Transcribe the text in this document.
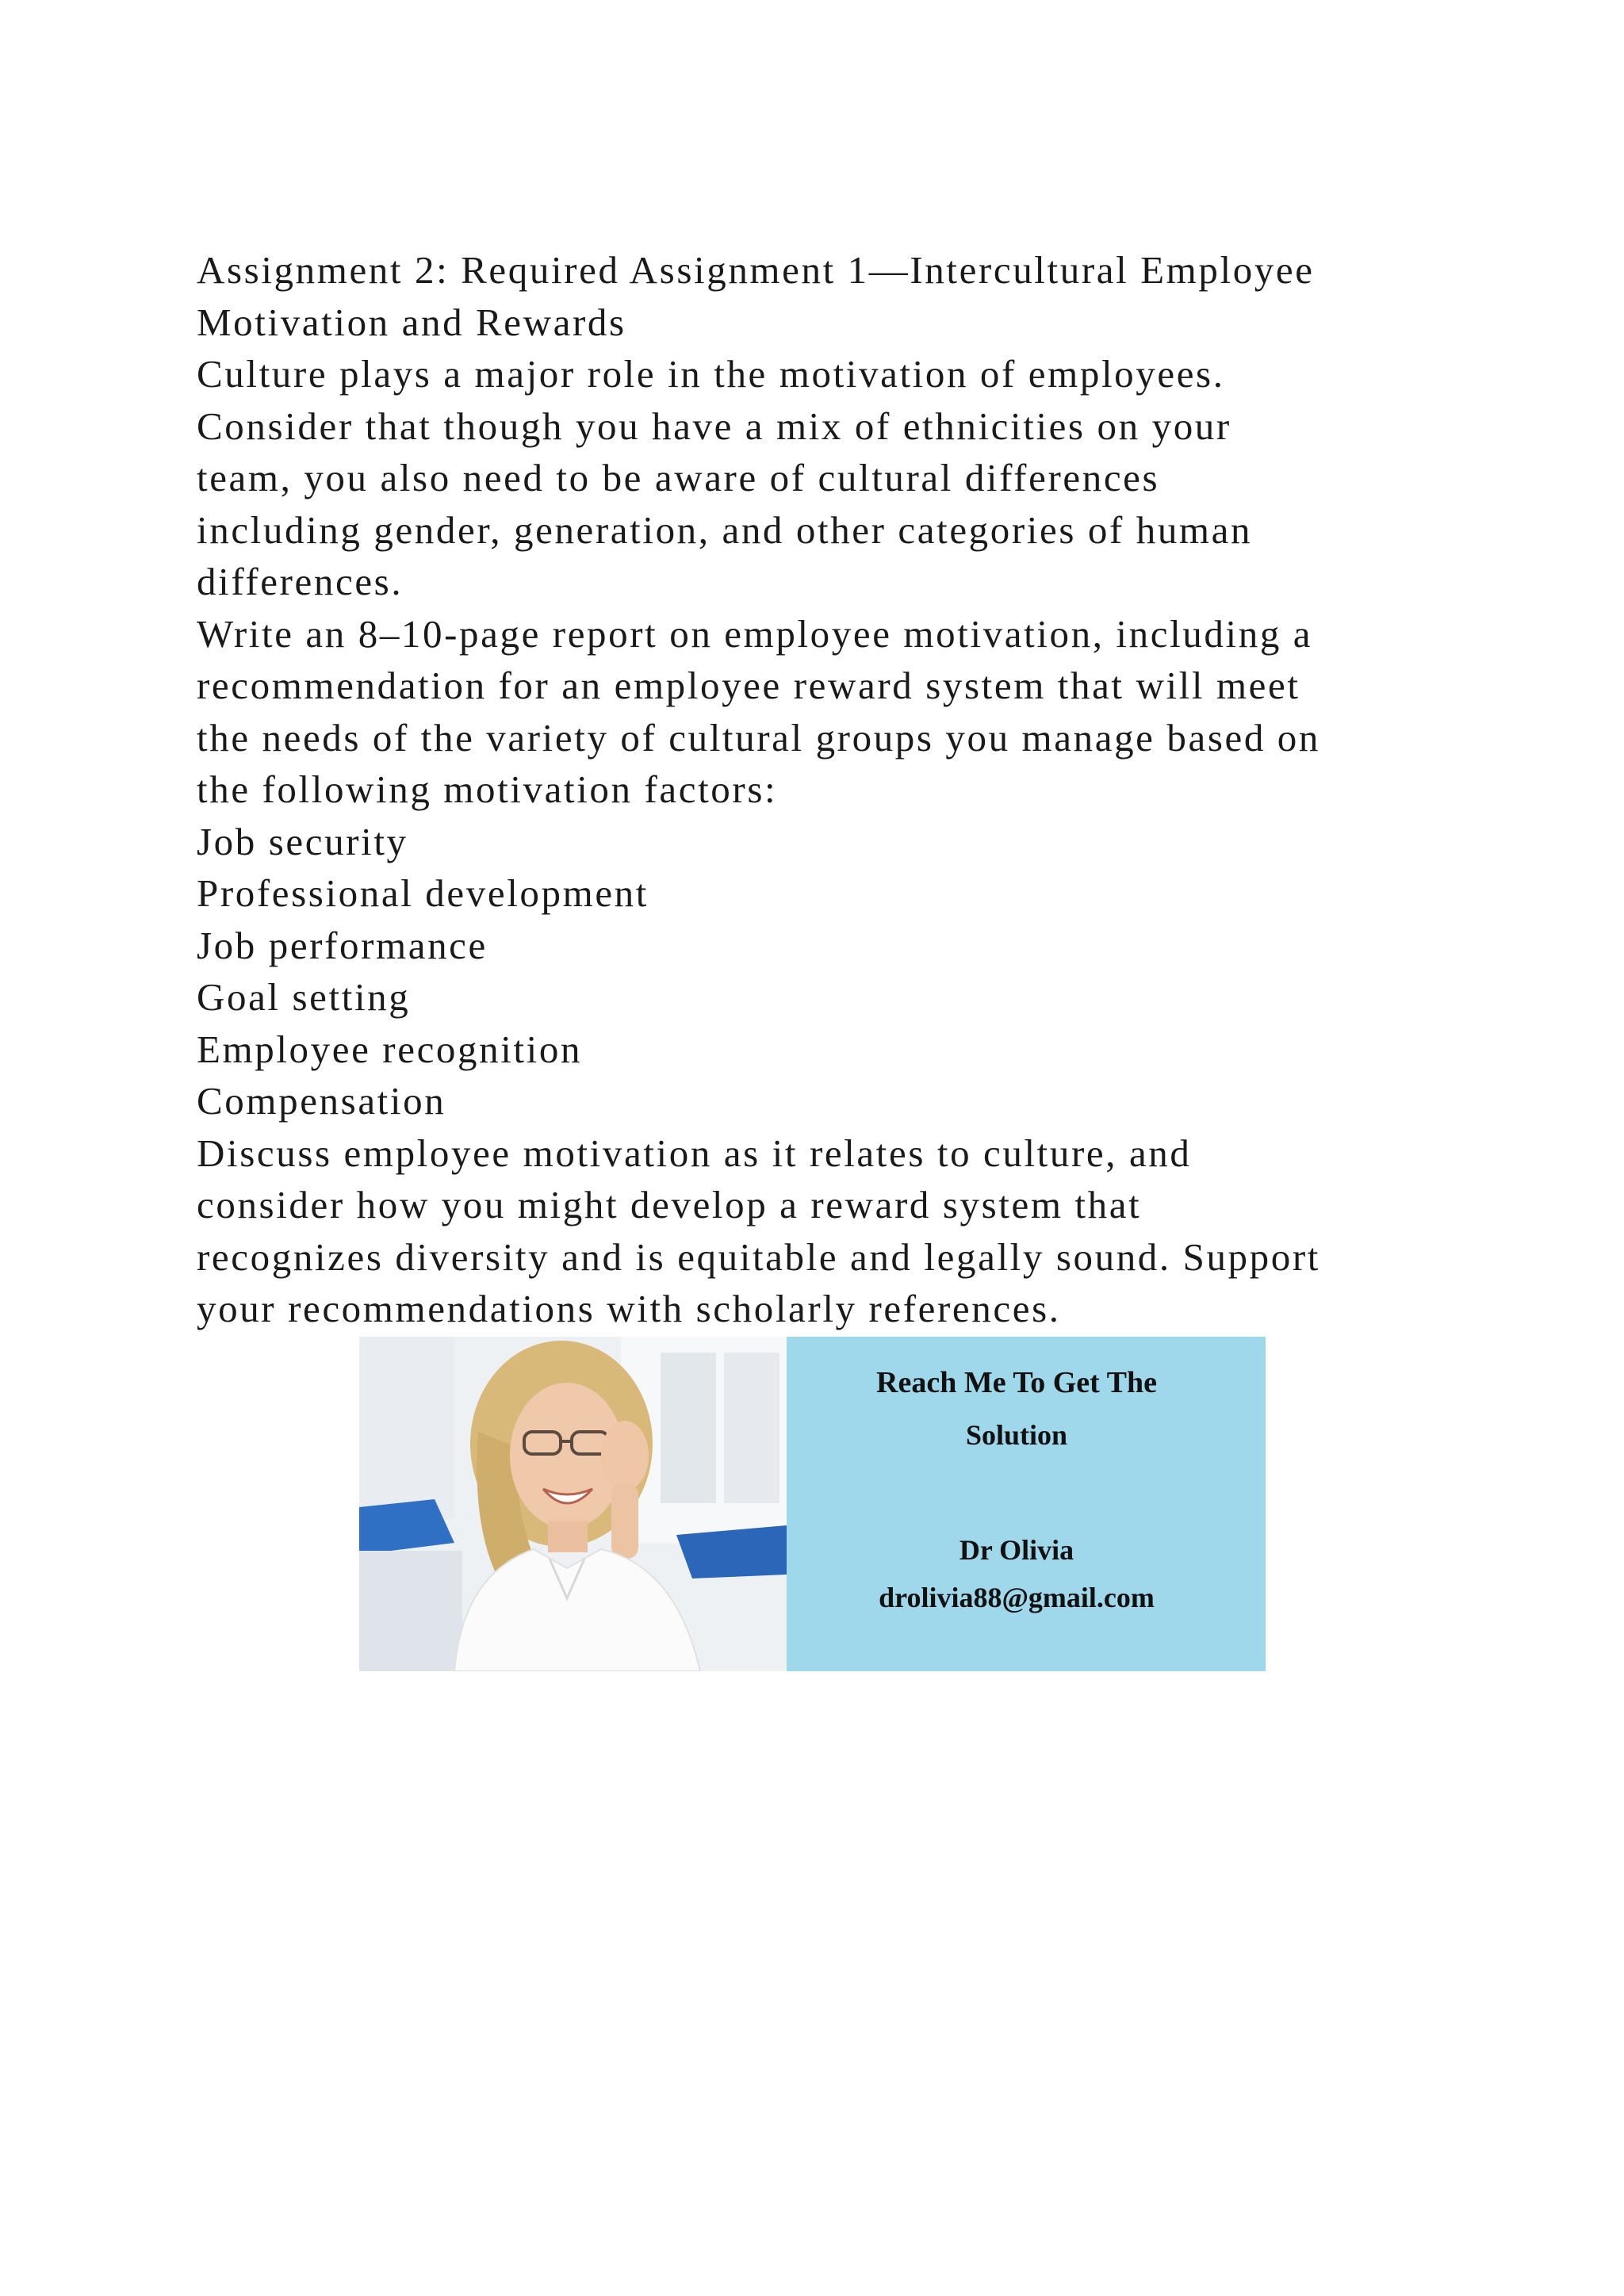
Assignment 2: Required Assignment 1—Intercultural Employee
Motivation and Rewards
Culture plays a major role in the motivation of employees.
Consider that though you have a mix of ethnicities on your
team, you also need to be aware of cultural differences
including gender, generation, and other categories of human
differences.
Write an 8–10-page report on employee motivation, including a
recommendation for an employee reward system that will meet
the needs of the variety of cultural groups you manage based on
the following motivation factors:
Job security
Professional development
Job performance
Goal setting
Employee recognition
Compensation
Discuss employee motivation as it relates to culture, and
consider how you might develop a reward system that
recognizes diversity and is equitable and legally sound. Support
your recommendations with scholarly references.
Reach Me To Get The
Solution
Dr Olivia
drolivia88@gmail.com
